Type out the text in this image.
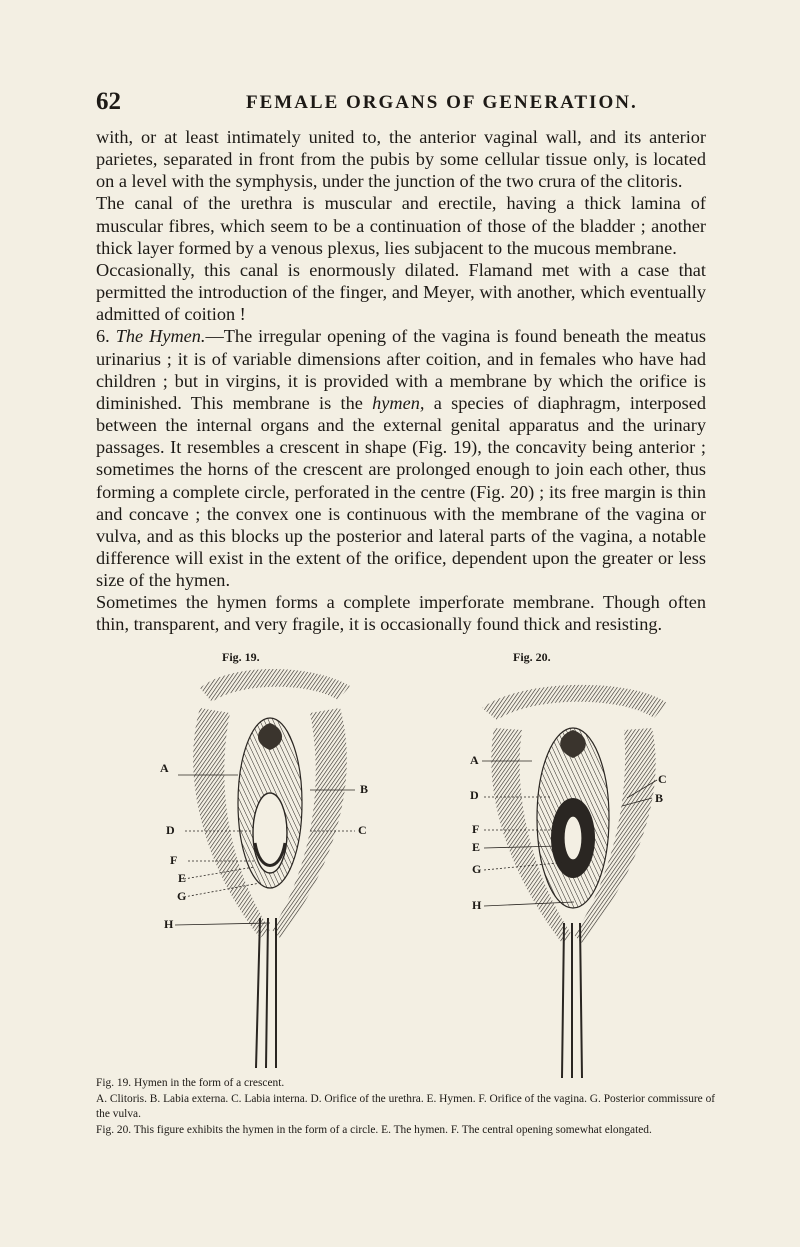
62	FEMALE ORGANS OF GENERATION.

with, or at least intimately united to, the anterior vaginal wall, and its anterior parietes, separated in front from the pubis by some cellular tissue only, is located on a level with the symphysis, under the junction of the two crura of the clitoris.

The canal of the urethra is muscular and erectile, having a thick lamina of muscular fibres, which seem to be a continuation of those of the bladder ; another thick layer formed by a venous plexus, lies subjacent to the mucous membrane.

Occasionally, this canal is enormously dilated. Flamand met with a case that permitted the introduction of the finger, and Meyer, with another, which eventually admitted of coition !

6. The Hymen.—The irregular opening of the vagina is found beneath the meatus urinarius ; it is of variable dimensions after coition, and in females who have had children ; but in virgins, it is provided with a membrane by which the orifice is diminished. This membrane is the hymen, a species of diaphragm, interposed between the internal organs and the external genital apparatus and the urinary passages. It resembles a crescent in shape (Fig. 19), the concavity being anterior ; sometimes the horns of the crescent are prolonged enough to join each other, thus forming a complete circle, perforated in the centre (Fig. 20) ; its free margin is thin and concave ; the convex one is continuous with the membrane of the vagina or vulva, and as this blocks up the posterior and lateral parts of the vagina, a notable difference will exist in the extent of the orifice, dependent upon the greater or less size of the hymen.

Sometimes the hymen forms a complete imperforate membrane. Though often thin, transparent, and very fragile, it is occasionally found thick and resisting.

Fig. 19.	Fig. 20.
A
B
C
D
F
E
G
H
A
C
B
D
F
E
G
H

Fig. 19. Hymen in the form of a crescent.

A. Clitoris. B. Labia externa. C. Labia interna. D. Orifice of the urethra. E. Hymen. F. Orifice of the vagina. G. Posterior commissure of the vulva.

Fig. 20. This figure exhibits the hymen in the form of a circle. E. The hymen. F. The central opening somewhat elongated.
